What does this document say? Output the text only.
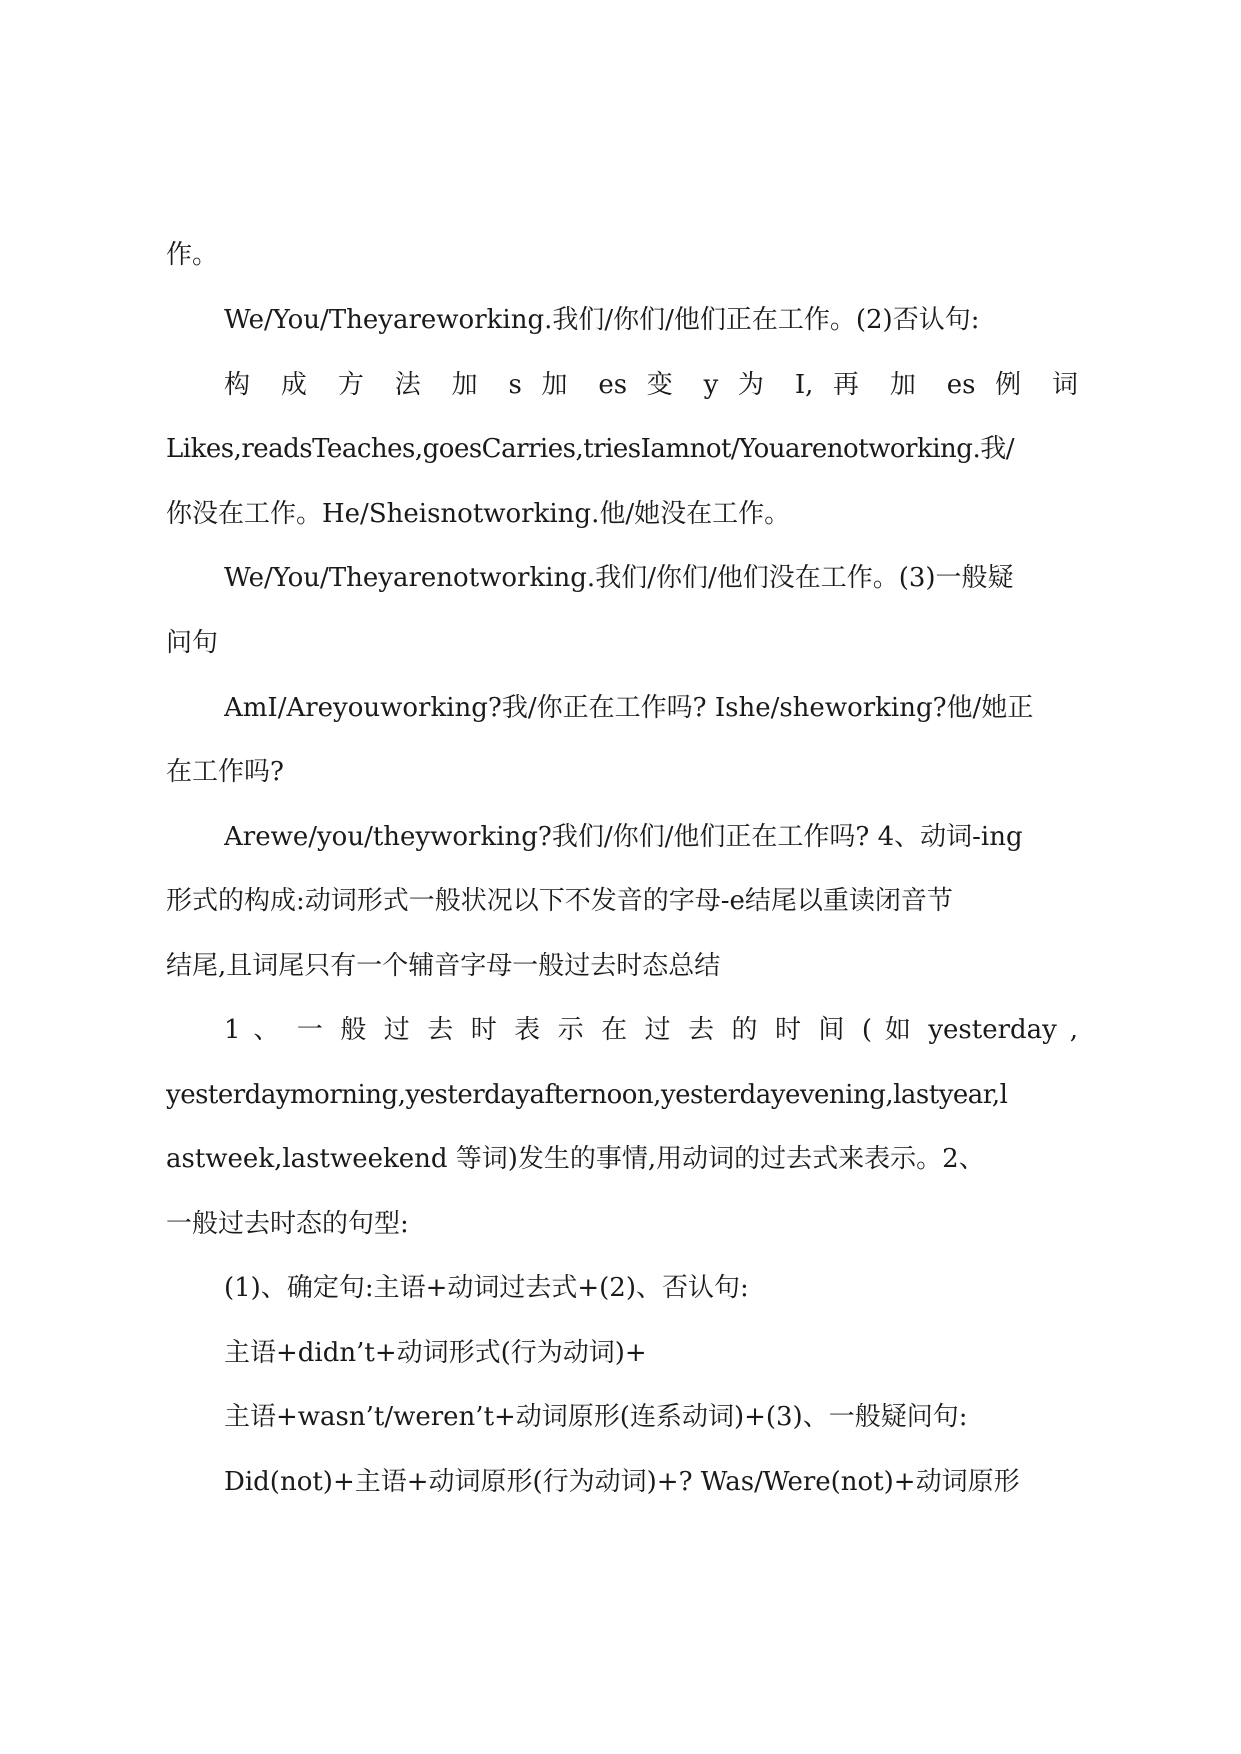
作。
We/You/Theyareworking.我们/你们/他们正在工作。(2)否认句:
构 成 方 法 加 s 加 es 变 y 为 I, 再 加 es 例 词
Likes,readsTeaches,goesCarries,triesIamnot/Youarenotworking.我/
你没在工作。He/Sheisnotworking.他/她没在工作。
We/You/Theyarenotworking.我们/你们/他们没在工作。(3)一般疑
问句
AmI/Areyouworking?我/你正在工作吗? Ishe/sheworking?他/她正
在工作吗?
Arewe/you/theyworking?我们/你们/他们正在工作吗? 4、动词-ing
形式的构成:动词形式一般状况以下不发音的字母-e结尾以重读闭音节
结尾,且词尾只有一个辅音字母一般过去时态总结
1 、 一 般 过 去 时 表 示 在 过 去 的 时 间 ( 如 yesterday ,
yesterdaymorning,yesterdayafternoon,yesterdayevening,lastyear,l
astweek,lastweekend 等词)发生的事情,用动词的过去式来表示。2、
一般过去时态的句型:
(1)、确定句:主语+动词过去式+(2)、否认句:
主语+didn’t+动词形式(行为动词)+
主语+wasn’t/weren’t+动词原形(连系动词)+(3)、一般疑问句:
Did(not)+主语+动词原形(行为动词)+? Was/Were(not)+动词原形
